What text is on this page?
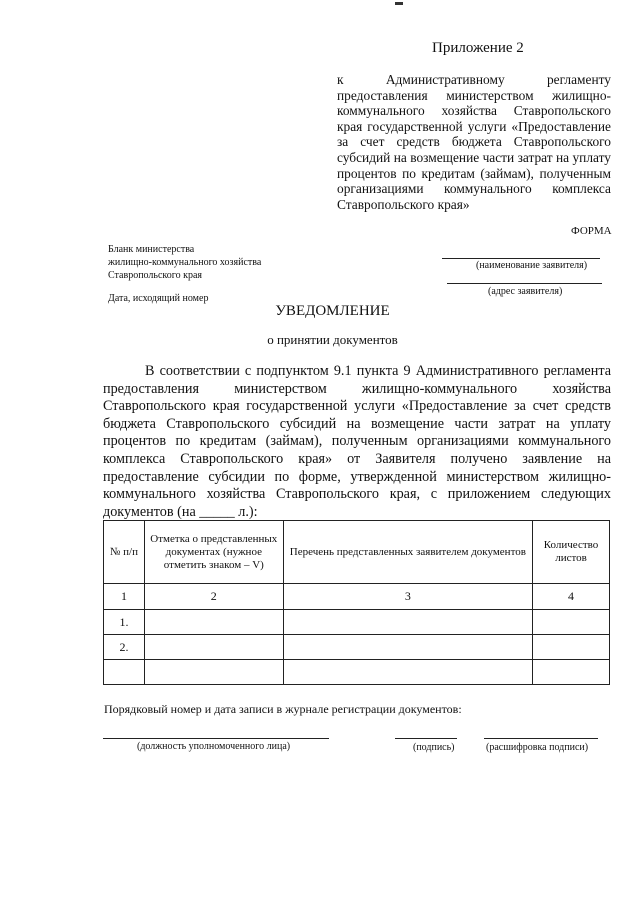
Приложение 2
к Административному регламенту предоставления министерством жилищно-коммунального хозяйства Ставропольского края государственной услуги «Предоставление за счет средств бюджета Ставропольского субсидий на возмещение части затрат на уплату процентов по кредитам (займам), полученным организациями коммунального комплекса Ставропольского края»
ФОРМА
Бланк министерства
жилищно-коммунального хозяйства
Ставропольского края
Дата, исходящий номер
(наименование заявителя)
(адрес заявителя)
УВЕДОМЛЕНИЕ
о принятии документов
В соответствии с подпунктом 9.1 пункта 9 Административного регламента предоставления министерством жилищно-коммунального хозяйства Ставропольского края государственной услуги «Предоставление за счет средств бюджета Ставропольского субсидий на возмещение части затрат на уплату процентов по кредитам (займам), полученным организациями коммунального комплекса Ставропольского края» от Заявителя получено заявление на предоставление субсидии по форме, утвержденной министерством жилищно-коммунального хозяйства Ставропольского края, с приложением следующих документов (на _____ л.):
№ п/п	Отметка о представленных документах (нужное отметить знаком – V)	Перечень представленных заявителем документов	Количество листов
1	2	3	4
1.			
2.			

Порядковый номер и дата записи в журнале регистрации документов:
(должность уполномоченного лица)	(подпись)	(расшифровка подписи)
